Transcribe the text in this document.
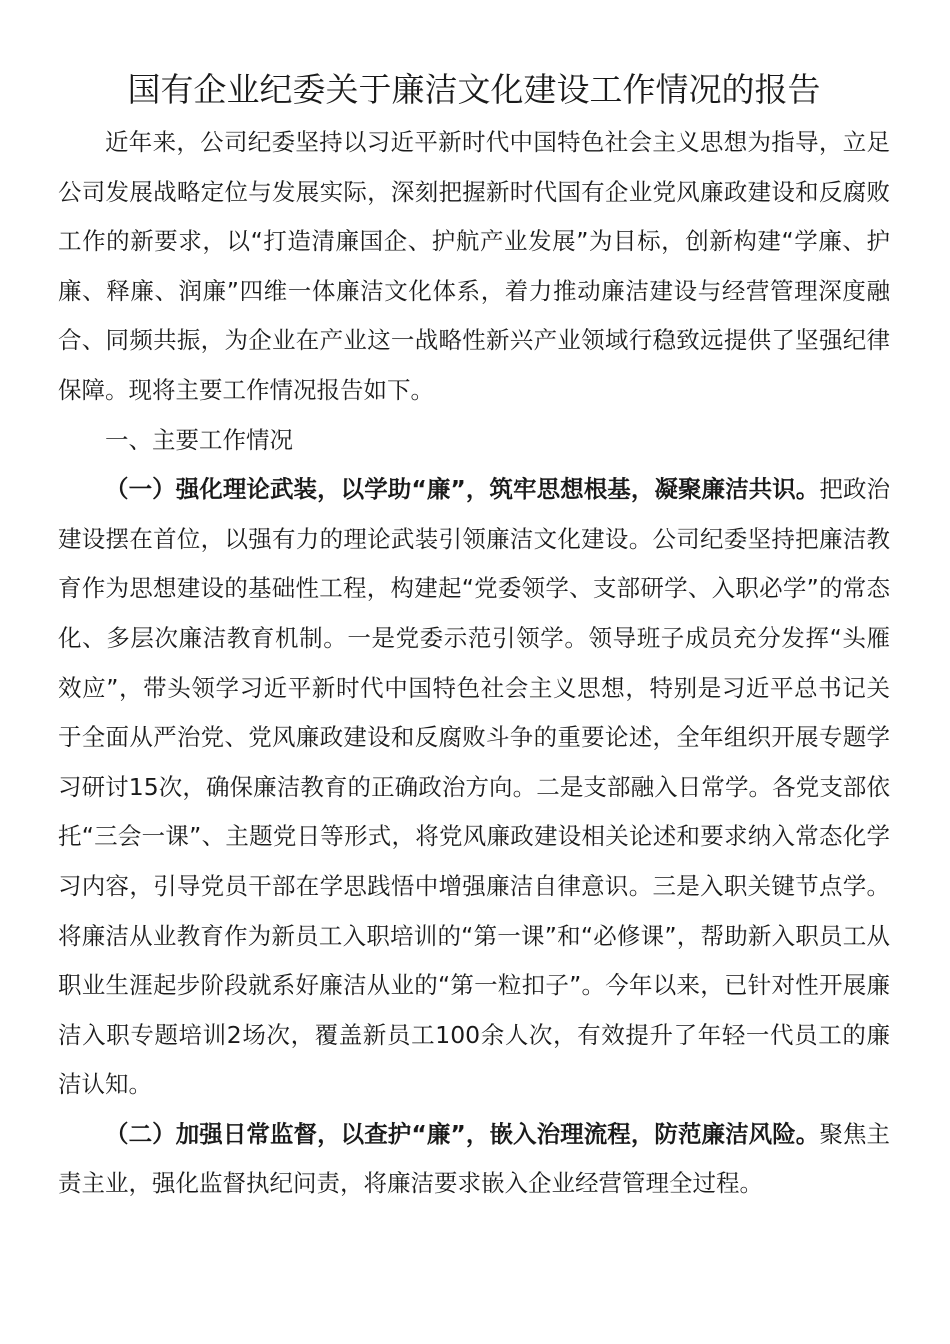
国有企业纪委关于廉洁文化建设工作情况的报告

近年来，公司纪委坚持以习近平新时代中国特色社会主义思想为指导，立足公司发展战略定位与发展实际，深刻把握新时代国有企业党风廉政建设和反腐败工作的新要求，以“打造清廉国企、护航产业发展”为目标，创新构建“学廉、护廉、释廉、润廉”四维一体廉洁文化体系，着力推动廉洁建设与经营管理深度融合、同频共振，为企业在产业这一战略性新兴产业领域行稳致远提供了坚强纪律保障。现将主要工作情况报告如下。

一、主要工作情况

（一）强化理论武装，以学助“廉”，筑牢思想根基，凝聚廉洁共识。把政治建设摆在首位，以强有力的理论武装引领廉洁文化建设。公司纪委坚持把廉洁教育作为思想建设的基础性工程，构建起“党委领学、支部研学、入职必学”的常态化、多层次廉洁教育机制。一是党委示范引领学。领导班子成员充分发挥“头雁效应”，带头领学习近平新时代中国特色社会主义思想，特别是习近平总书记关于全面从严治党、党风廉政建设和反腐败斗争的重要论述，全年组织开展专题学习研讨15次，确保廉洁教育的正确政治方向。二是支部融入日常学。各党支部依托“三会一课”、主题党日等形式，将党风廉政建设相关论述和要求纳入常态化学习内容，引导党员干部在学思践悟中增强廉洁自律意识。三是入职关键节点学。将廉洁从业教育作为新员工入职培训的“第一课”和“必修课”，帮助新入职员工从职业生涯起步阶段就系好廉洁从业的“第一粒扣子”。今年以来，已针对性开展廉洁入职专题培训2场次，覆盖新员工100余人次，有效提升了年轻一代员工的廉洁认知。

（二）加强日常监督，以查护“廉”，嵌入治理流程，防范廉洁风险。聚焦主责主业，强化监督执纪问责，将廉洁要求嵌入企业经营管理全过程。
